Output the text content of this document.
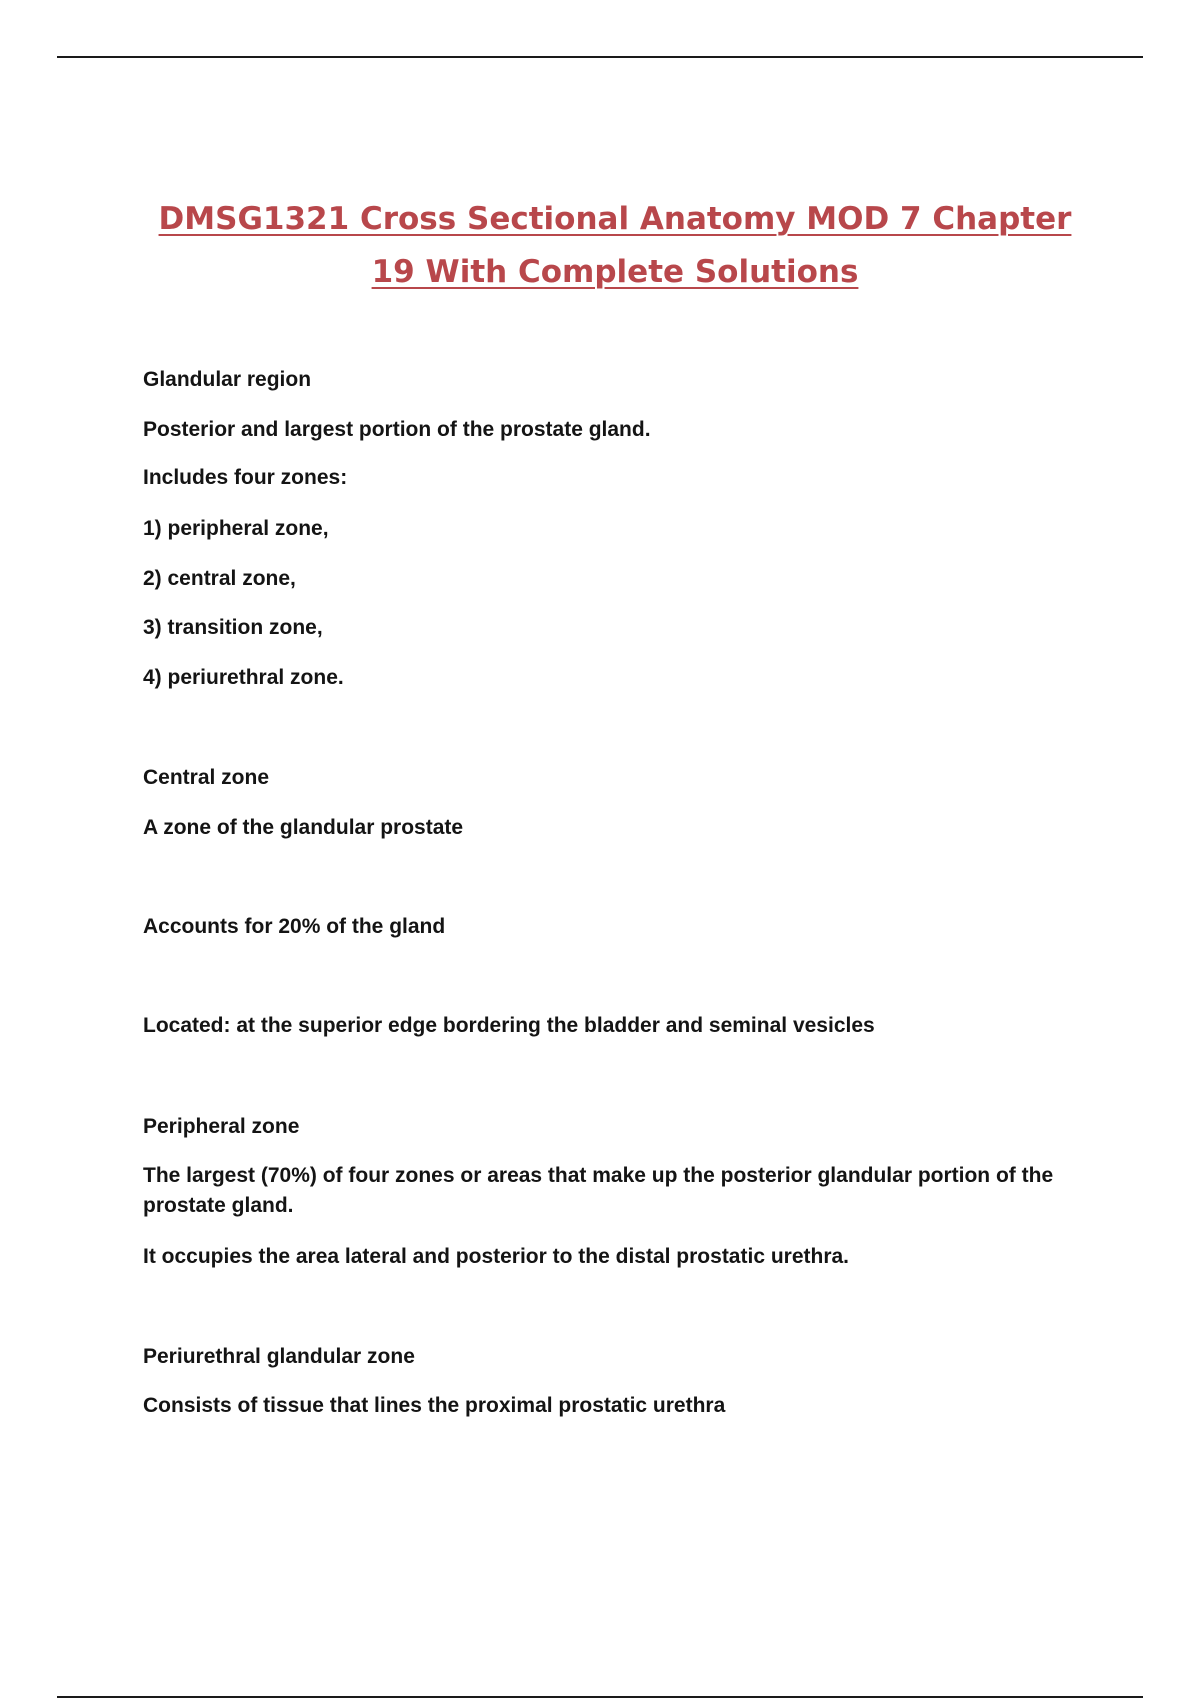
DMSG1321 Cross Sectional Anatomy MOD 7 Chapter 19 With Complete Solutions

Glandular region

Posterior and largest portion of the prostate gland.

Includes four zones:

1) peripheral zone,

2) central zone,

3) transition zone,

4) periurethral zone.

Central zone

A zone of the glandular prostate

Accounts for 20% of the gland

Located: at the superior edge bordering the bladder and seminal vesicles

Peripheral zone

The largest (70%) of four zones or areas that make up the posterior glandular portion of the prostate gland.

It occupies the area lateral and posterior to the distal prostatic urethra.

Periurethral glandular zone

Consists of tissue that lines the proximal prostatic urethra
